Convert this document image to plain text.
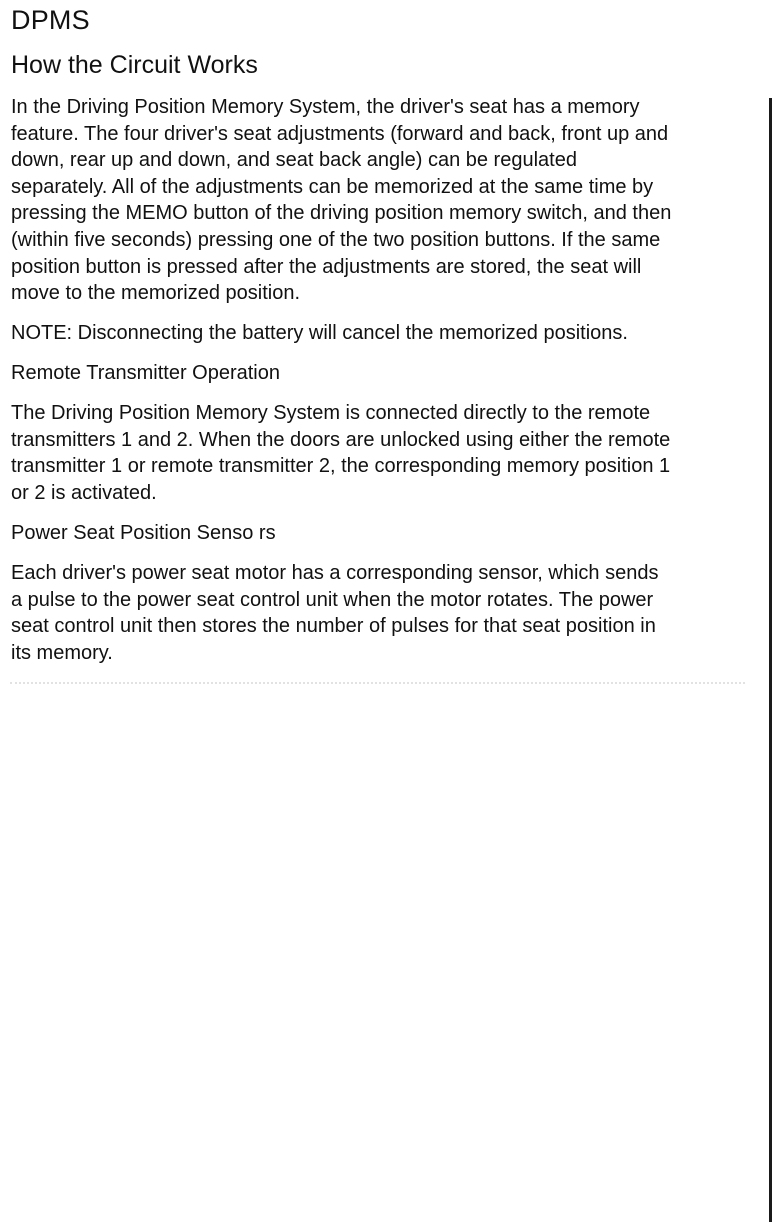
DPMS
How the Circuit Works

In the Driving Position Memory System, the driver's seat has a memory
feature. The four driver's seat adjustments (forward and back, front up and
down, rear up and down, and seat back angle) can be regulated
separately. All of the adjustments can be memorized at the same time by
pressing the MEMO button of the driving position memory switch, and then
(within five seconds) pressing one of the two position buttons. If the same
position button is pressed after the adjustments are stored, the seat will
move to the memorized position.

NOTE: Disconnecting the battery will cancel the memorized positions.

Remote Transmitter Operation

The Driving Position Memory System is connected directly to the remote
transmitters 1 and 2. When the doors are unlocked using either the remote
transmitter 1 or remote transmitter 2, the corresponding memory position 1
or 2 is activated.

Power Seat Position Senso rs

Each driver's power seat motor has a corresponding sensor, which sends
a pulse to the power seat control unit when the motor rotates. The power
seat control unit then stores the number of pulses for that seat position in
its memory.
